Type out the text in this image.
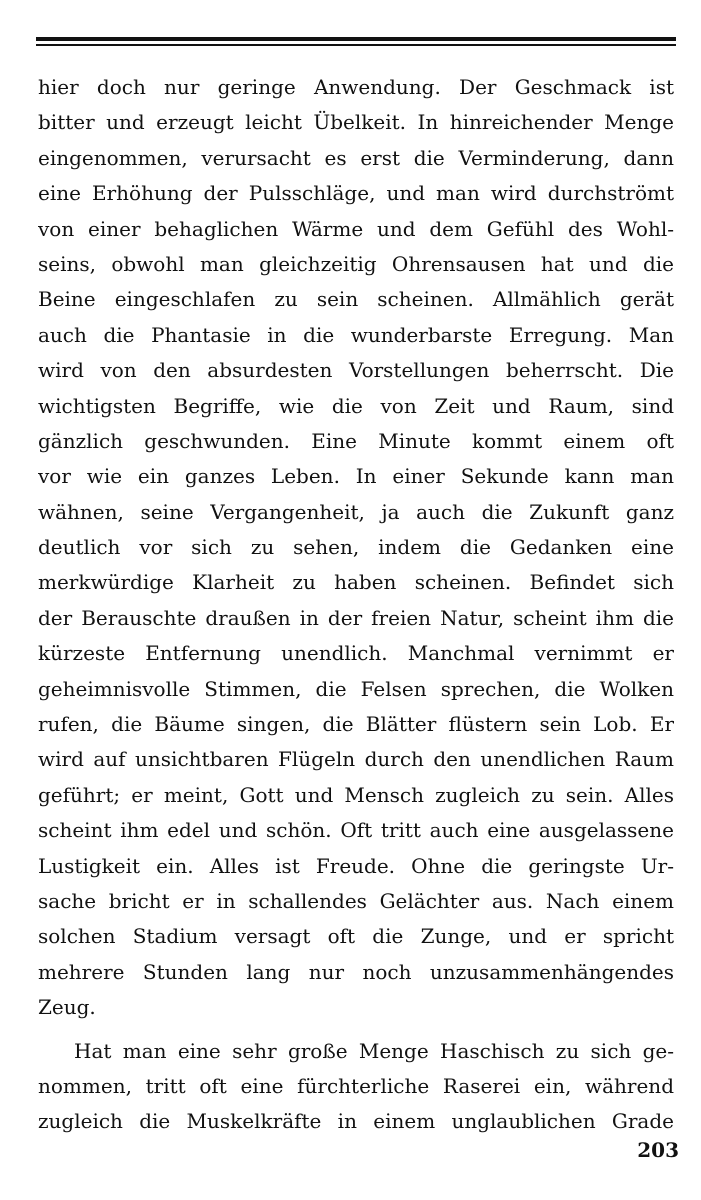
hier doch nur geringe Anwendung. Der Geschmack ist
bitter und erzeugt leicht Übelkeit. In hinreichender Menge
eingenommen, verursacht es erst die Verminderung, dann
eine Erhöhung der Pulsschläge, und man wird durchströmt
von einer behaglichen Wärme und dem Gefühl des Wohl-
seins, obwohl man gleichzeitig Ohrensausen hat und die
Beine eingeschlafen zu sein scheinen. Allmählich gerät
auch die Phantasie in die wunderbarste Erregung. Man
wird von den absurdesten Vorstellungen beherrscht. Die
wichtigsten Begriffe, wie die von Zeit und Raum, sind
gänzlich geschwunden. Eine Minute kommt einem oft
vor wie ein ganzes Leben. In einer Sekunde kann man
wähnen, seine Vergangenheit, ja auch die Zukunft ganz
deutlich vor sich zu sehen, indem die Gedanken eine
merkwürdige Klarheit zu haben scheinen. Befindet sich
der Berauschte draußen in der freien Natur, scheint ihm die
kürzeste Entfernung unendlich. Manchmal vernimmt er
geheimnisvolle Stimmen, die Felsen sprechen, die Wolken
rufen, die Bäume singen, die Blätter flüstern sein Lob. Er
wird auf unsichtbaren Flügeln durch den unendlichen Raum
geführt; er meint, Gott und Mensch zugleich zu sein. Alles
scheint ihm edel und schön. Oft tritt auch eine ausgelassene
Lustigkeit ein. Alles ist Freude. Ohne die geringste Ur-
sache bricht er in schallendes Gelächter aus. Nach einem
solchen Stadium versagt oft die Zunge, und er spricht
mehrere Stunden lang nur noch unzusammenhängendes
Zeug.
Hat man eine sehr große Menge Haschisch zu sich ge-
nommen, tritt oft eine fürchterliche Raserei ein, während
zugleich die Muskelkräfte in einem unglaublichen Grade
203
